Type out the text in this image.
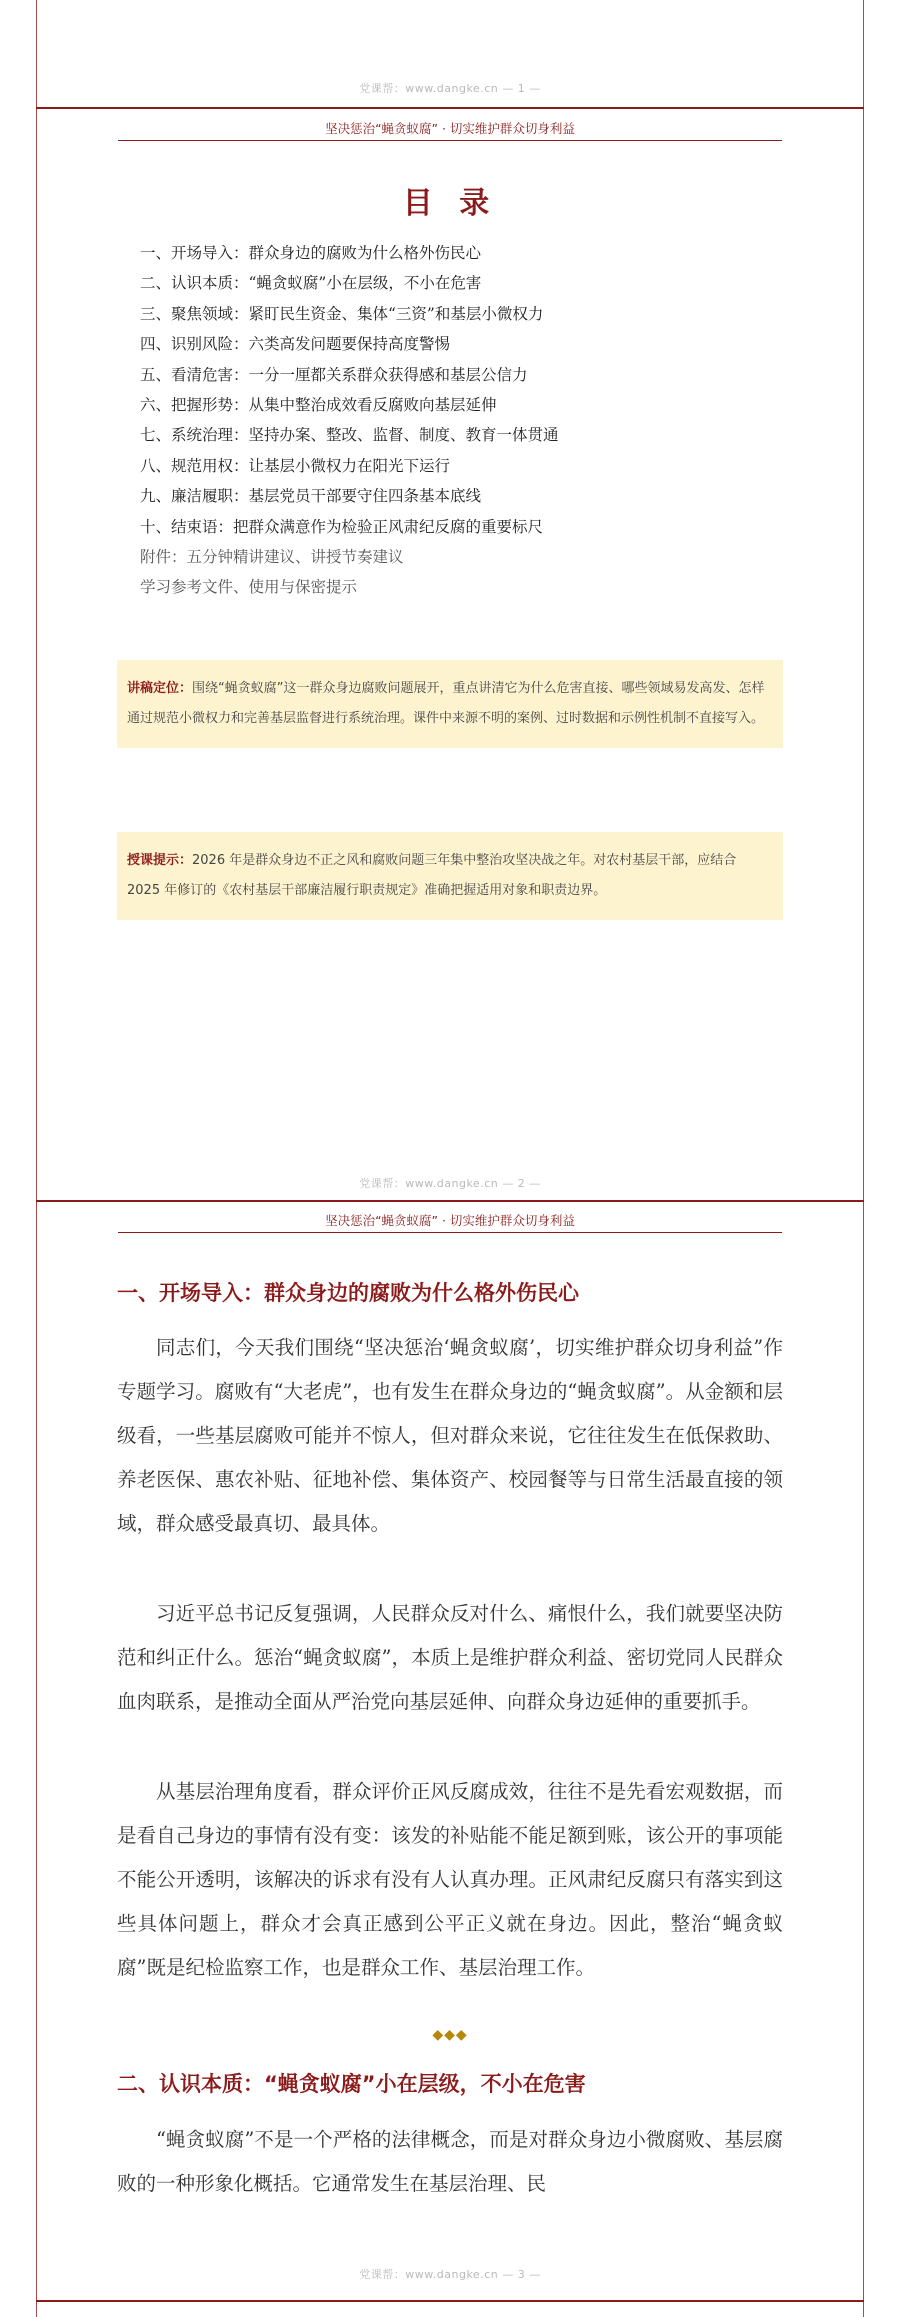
党课帮：www.dangke.cn — 1 —
坚决惩治“蝇贪蚁腐” · 切实维护群众切身利益
目 录
一、开场导入：群众身边的腐败为什么格外伤民心
二、认识本质：“蝇贪蚁腐”小在层级，不小在危害
三、聚焦领域：紧盯民生资金、集体“三资”和基层小微权力
四、识别风险：六类高发问题要保持高度警惕
五、看清危害：一分一厘都关系群众获得感和基层公信力
六、把握形势：从集中整治成效看反腐败向基层延伸
七、系统治理：坚持办案、整改、监督、制度、教育一体贯通
八、规范用权：让基层小微权力在阳光下运行
九、廉洁履职：基层党员干部要守住四条基本底线
十、结束语：把群众满意作为检验正风肃纪反腐的重要标尺
附件：五分钟精讲建议、讲授节奏建议
学习参考文件、使用与保密提示
讲稿定位：围绕“蝇贪蚁腐”这一群众身边腐败问题展开，重点讲清它为什么危害直接、哪些领域易发高发、怎样通过规范小微权力和完善基层监督进行系统治理。课件中来源不明的案例、过时数据和示例性机制不直接写入。
授课提示：2026 年是群众身边不正之风和腐败问题三年集中整治攻坚决战之年。对农村基层干部，应结合 2025 年修订的《农村基层干部廉洁履行职责规定》准确把握适用对象和职责边界。
党课帮：www.dangke.cn — 2 —
坚决惩治“蝇贪蚁腐” · 切实维护群众切身利益
一、开场导入：群众身边的腐败为什么格外伤民心

同志们，今天我们围绕“坚决惩治‘蝇贪蚁腐’，切实维护群众切身利益”作专题学习。腐败有“大老虎”，也有发生在群众身边的“蝇贪蚁腐”。从金额和层级看，一些基层腐败可能并不惊人，但对群众来说，它往往发生在低保救助、养老医保、惠农补贴、征地补偿、集体资产、校园餐等与日常生活最直接的领域，群众感受最真切、最具体。

习近平总书记反复强调，人民群众反对什么、痛恨什么，我们就要坚决防范和纠正什么。惩治“蝇贪蚁腐”，本质上是维护群众利益、密切党同人民群众血肉联系，是推动全面从严治党向基层延伸、向群众身边延伸的重要抓手。

从基层治理角度看，群众评价正风反腐成效，往往不是先看宏观数据，而是看自己身边的事情有没有变：该发的补贴能不能足额到账，该公开的事项能不能公开透明，该解决的诉求有没有人认真办理。正风肃纪反腐只有落实到这些具体问题上，群众才会真正感到公平正义就在身边。因此，整治“蝇贪蚁腐”既是纪检监察工作，也是群众工作、基层治理工作。

◆◆◆
二、认识本质：“蝇贪蚁腐”小在层级，不小在危害

“蝇贪蚁腐”不是一个严格的法律概念，而是对群众身边小微腐败、基层腐败的一种形象化概括。它通常发生在基层治理、民

党课帮：www.dangke.cn — 3 —
